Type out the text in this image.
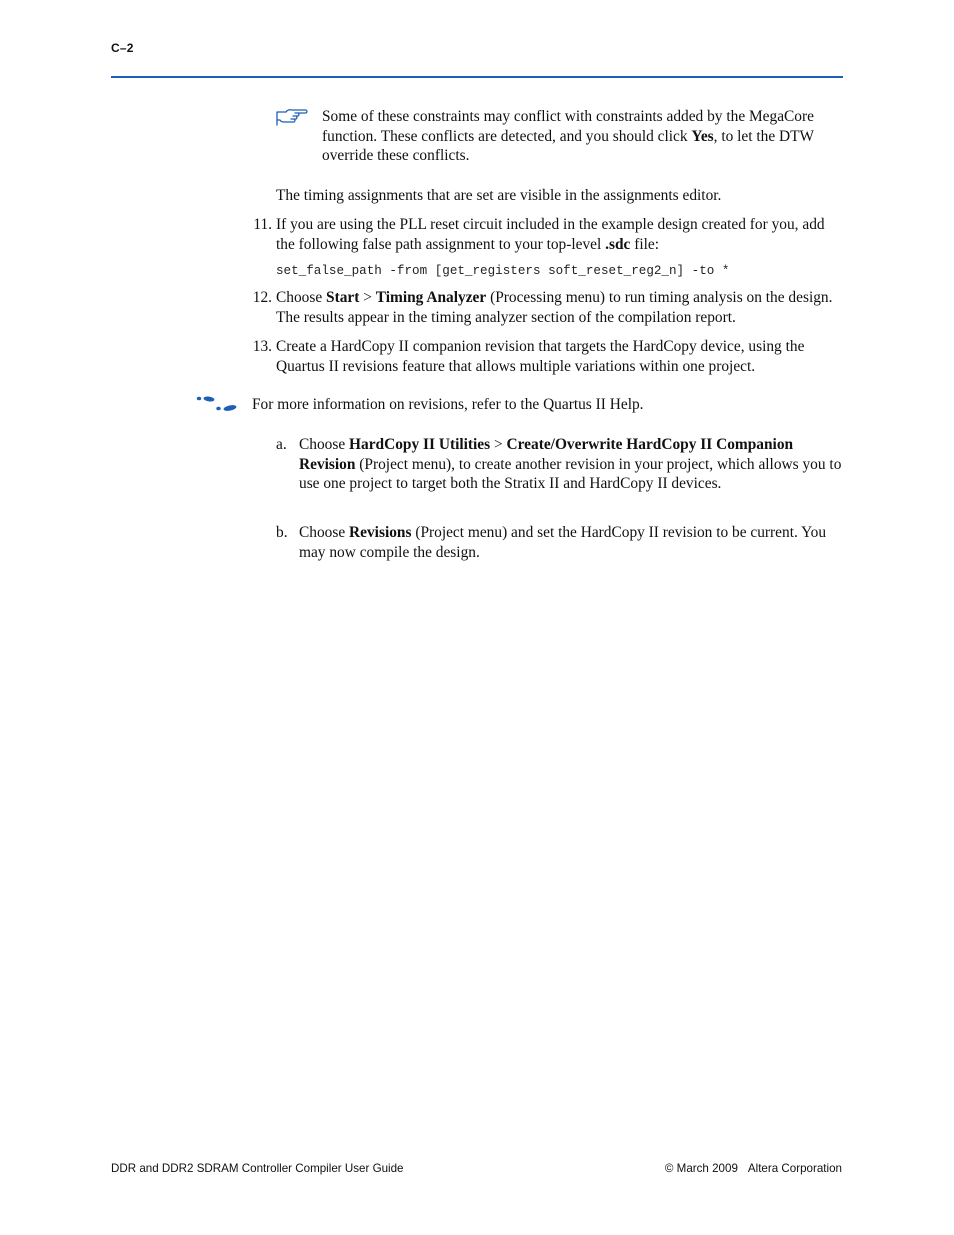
C–2
Some of these constraints may conflict with constraints added by the MegaCore function. These conflicts are detected, and you should click Yes, to let the DTW override these conflicts.
The timing assignments that are set are visible in the assignments editor.
11. If you are using the PLL reset circuit included in the example design created for you, add the following false path assignment to your top-level .sdc file:
set_false_path -from [get_registers soft_reset_reg2_n] -to *
12. Choose Start > Timing Analyzer (Processing menu) to run timing analysis on the design. The results appear in the timing analyzer section of the compilation report.
13. Create a HardCopy II companion revision that targets the HardCopy device, using the Quartus II revisions feature that allows multiple variations within one project.
For more information on revisions, refer to the Quartus II Help.
a. Choose HardCopy II Utilities > Create/Overwrite HardCopy II Companion Revision (Project menu), to create another revision in your project, which allows you to use one project to target both the Stratix II and HardCopy II devices.
b. Choose Revisions (Project menu) and set the HardCopy II revision to be current. You may now compile the design.
DDR and DDR2 SDRAM Controller Compiler User Guide	© March 2009 Altera Corporation
